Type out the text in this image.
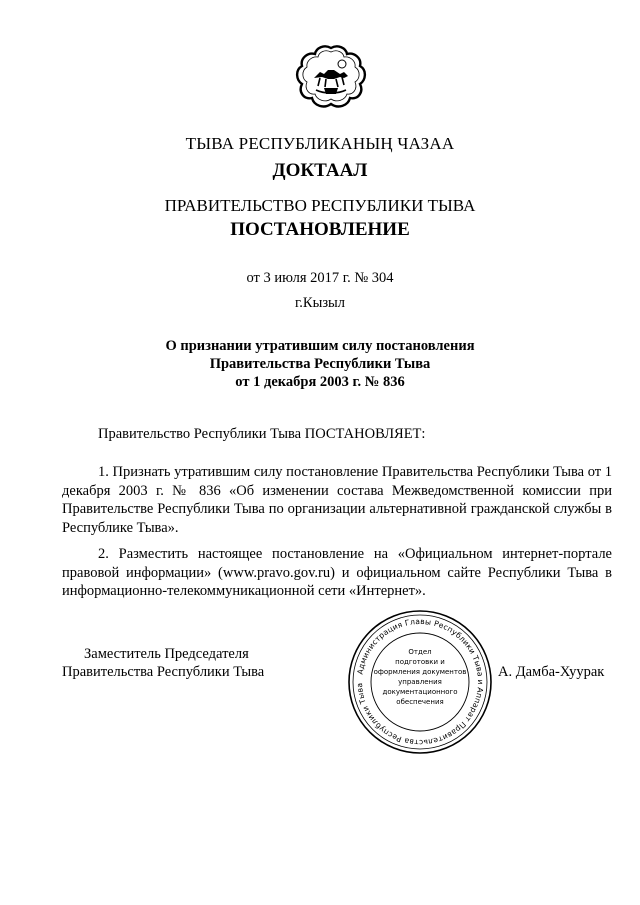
ТЫВА РЕСПУБЛИКАНЫҢ ЧАЗАА
ДОКТААЛ
ПРАВИТЕЛЬСТВО РЕСПУБЛИКИ ТЫВА
ПОСТАНОВЛЕНИЕ
от 3 июля 2017 г. № 304
г.Кызыл
О признании утратившим силу постановления
Правительства Республики Тыва
от 1 декабря 2003 г. № 836
Правительство Республики Тыва ПОСТАНОВЛЯЕТ:
1. Признать утратившим силу постановление Правительства Республики Тыва от 1 декабря 2003 г. № 836 «Об изменении состава Межведомственной комиссии при Правительстве Республики Тыва по организации альтернативной гражданской службы в Республике Тыва».
2. Разместить настоящее постановление на «Официальном интернет-портале правовой информации» (www.pravo.gov.ru) и официальном сайте Республики Тыва в информационно-телекоммуникационной сети «Интернет».
Заместитель Председателя
Правительства Республики Тыва	А. Дамба-Хуурак
Администрация Главы Республики Тыва и Аппарат Правительства Республики Тыва
Отдел
подготовки и
оформления документов
управления
документационного
обеспечения
